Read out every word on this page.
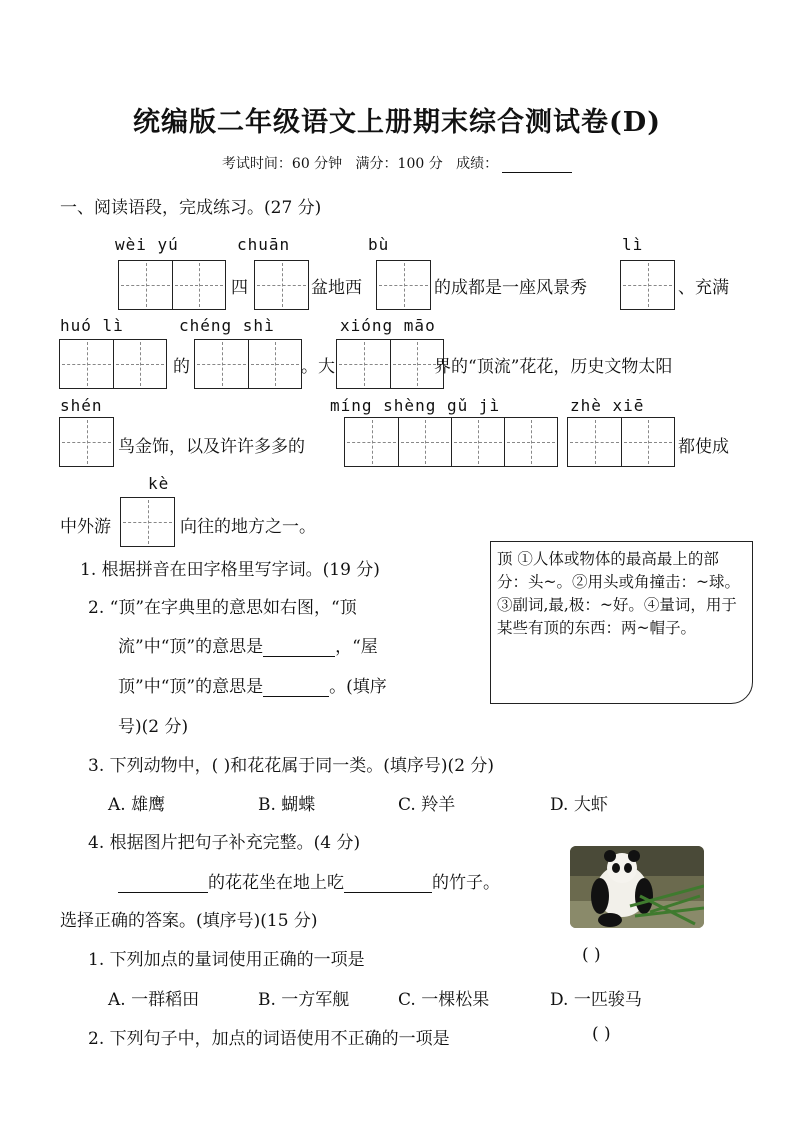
统编版二年级语文上册期末综合测试卷(D)
考试时间：60 分钟 满分：100 分 成绩：
一、阅读语段，完成练习。(27 分)
wèi yú	chuān	bù	lì
四	盆地西	的成都是一座风景秀	、充满
huó lì	chéng shì	xióng māo
的	。大	界的“顶流”花花，历史文物太阳
shén	míng shèng gǔ jì	zhè xiē
鸟金饰，以及许许多多的	都使成
kè
中外游	向往的地方之一。
1. 根据拼音在田字格里写字词。(19 分)
2. “顶”在字典里的意思如右图，“顶
流”中“顶”的意思是	，“屋
顶”中“顶”的意思是	。(填序
号)(2 分)
顶 ①人体或物体的最高最上的部分：头~。②用头或角撞击：~球。③副词,最,极：~好。④量词，用于某些有顶的东西：两~帽子。
3. 下列动物中，( )和花花属于同一类。(填序号)(2 分)
A. 雄鹰	B. 蝴蝶	C. 羚羊	D. 大虾
4. 根据图片把句子补充完整。(4 分)
的花花坐在地上吃	的竹子。
选择正确的答案。(填序号)(15 分)
1. 下列加点的量词使用正确的一项是	( )
A. 一群稻田	B. 一方军舰	C. 一棵松果	D. 一匹骏马
2. 下列句子中，加点的词语使用不正确的一项是	( )
